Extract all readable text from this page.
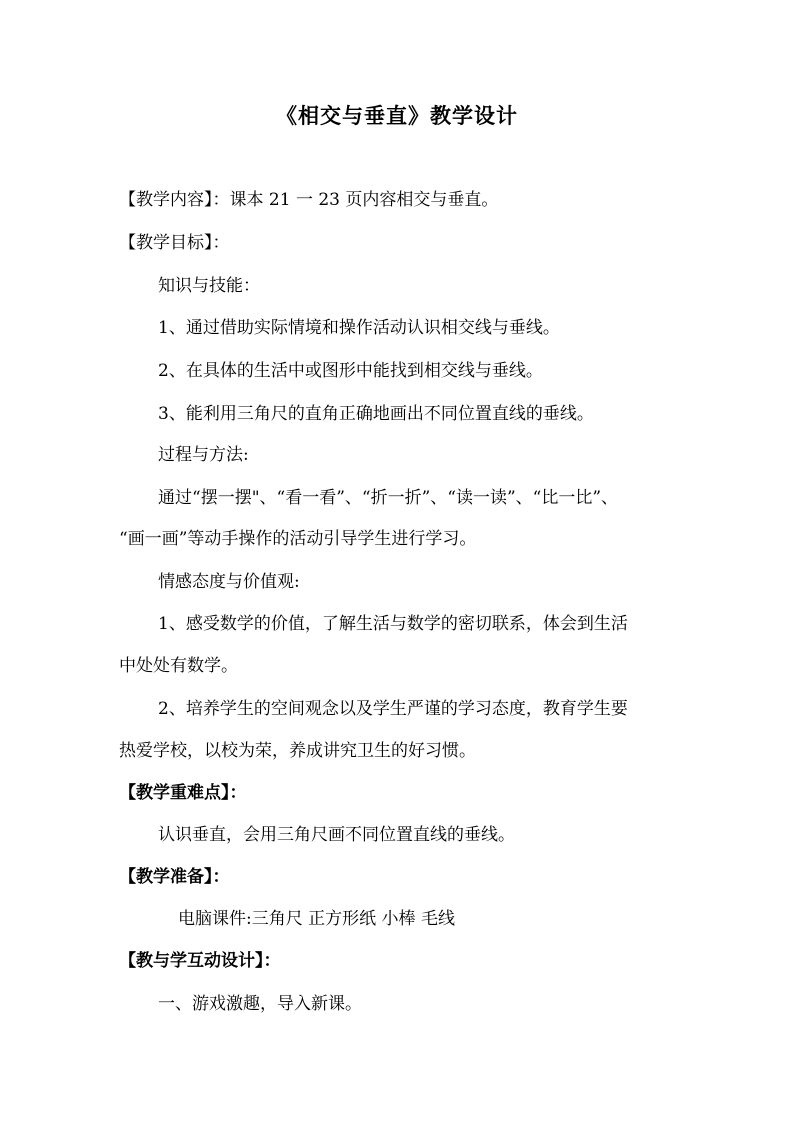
《相交与垂直》教学设计
【教学内容】：课本 21 一 23 页内容相交与垂直。
【教学目标】：
知识与技能：
1、通过借助实际情境和操作活动认识相交线与垂线。
2、在具体的生活中或图形中能找到相交线与垂线。
3、能利用三角尺的直角正确地画出不同位置直线的垂线。
过程与方法:
通过“摆一摆"、“看一看”、“折一折”、“读一读”、“比一比”、
“画一画”等动手操作的活动引导学生进行学习。
情感态度与价值观:
1、感受数学的价值，了解生活与数学的密切联系，体会到生活
中处处有数学。
2、培养学生的空间观念以及学生严谨的学习态度，教育学生要
热爱学校，以校为荣，养成讲究卫生的好习惯。
【教学重难点】：
认识垂直，会用三角尺画不同位置直线的垂线。
【教学准备】：
电脑课件:三角尺 正方形纸 小棒 毛线
【教与学互动设计】：
一、游戏激趣，导入新课。
